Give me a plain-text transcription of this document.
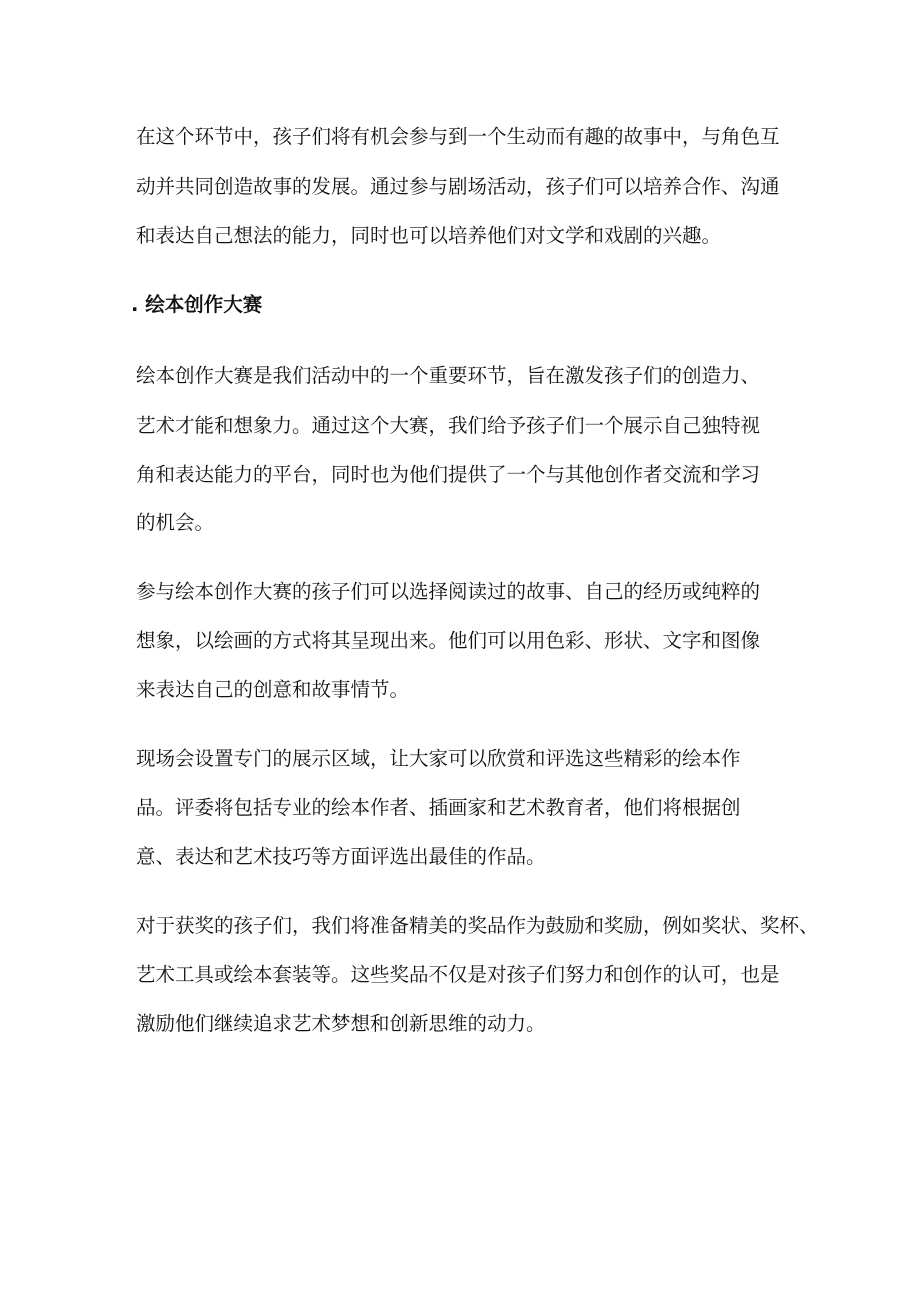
在这个环节中，孩子们将有机会参与到一个生动而有趣的故事中，与角色互
动并共同创造故事的发展。通过参与剧场活动，孩子们可以培养合作、沟通
和表达自己想法的能力，同时也可以培养他们对文学和戏剧的兴趣。
. 绘本创作大赛
绘本创作大赛是我们活动中的一个重要环节，旨在激发孩子们的创造力、
艺术才能和想象力。通过这个大赛，我们给予孩子们一个展示自己独特视
角和表达能力的平台，同时也为他们提供了一个与其他创作者交流和学习
的机会。
参与绘本创作大赛的孩子们可以选择阅读过的故事、自己的经历或纯粹的
想象，以绘画的方式将其呈现出来。他们可以用色彩、形状、文字和图像
来表达自己的创意和故事情节。
现场会设置专门的展示区域，让大家可以欣赏和评选这些精彩的绘本作
品。评委将包括专业的绘本作者、插画家和艺术教育者，他们将根据创
意、表达和艺术技巧等方面评选出最佳的作品。
对于获奖的孩子们，我们将准备精美的奖品作为鼓励和奖励，例如奖状、奖杯、
艺术工具或绘本套装等。这些奖品不仅是对孩子们努力和创作的认可，也是
激励他们继续追求艺术梦想和创新思维的动力。
